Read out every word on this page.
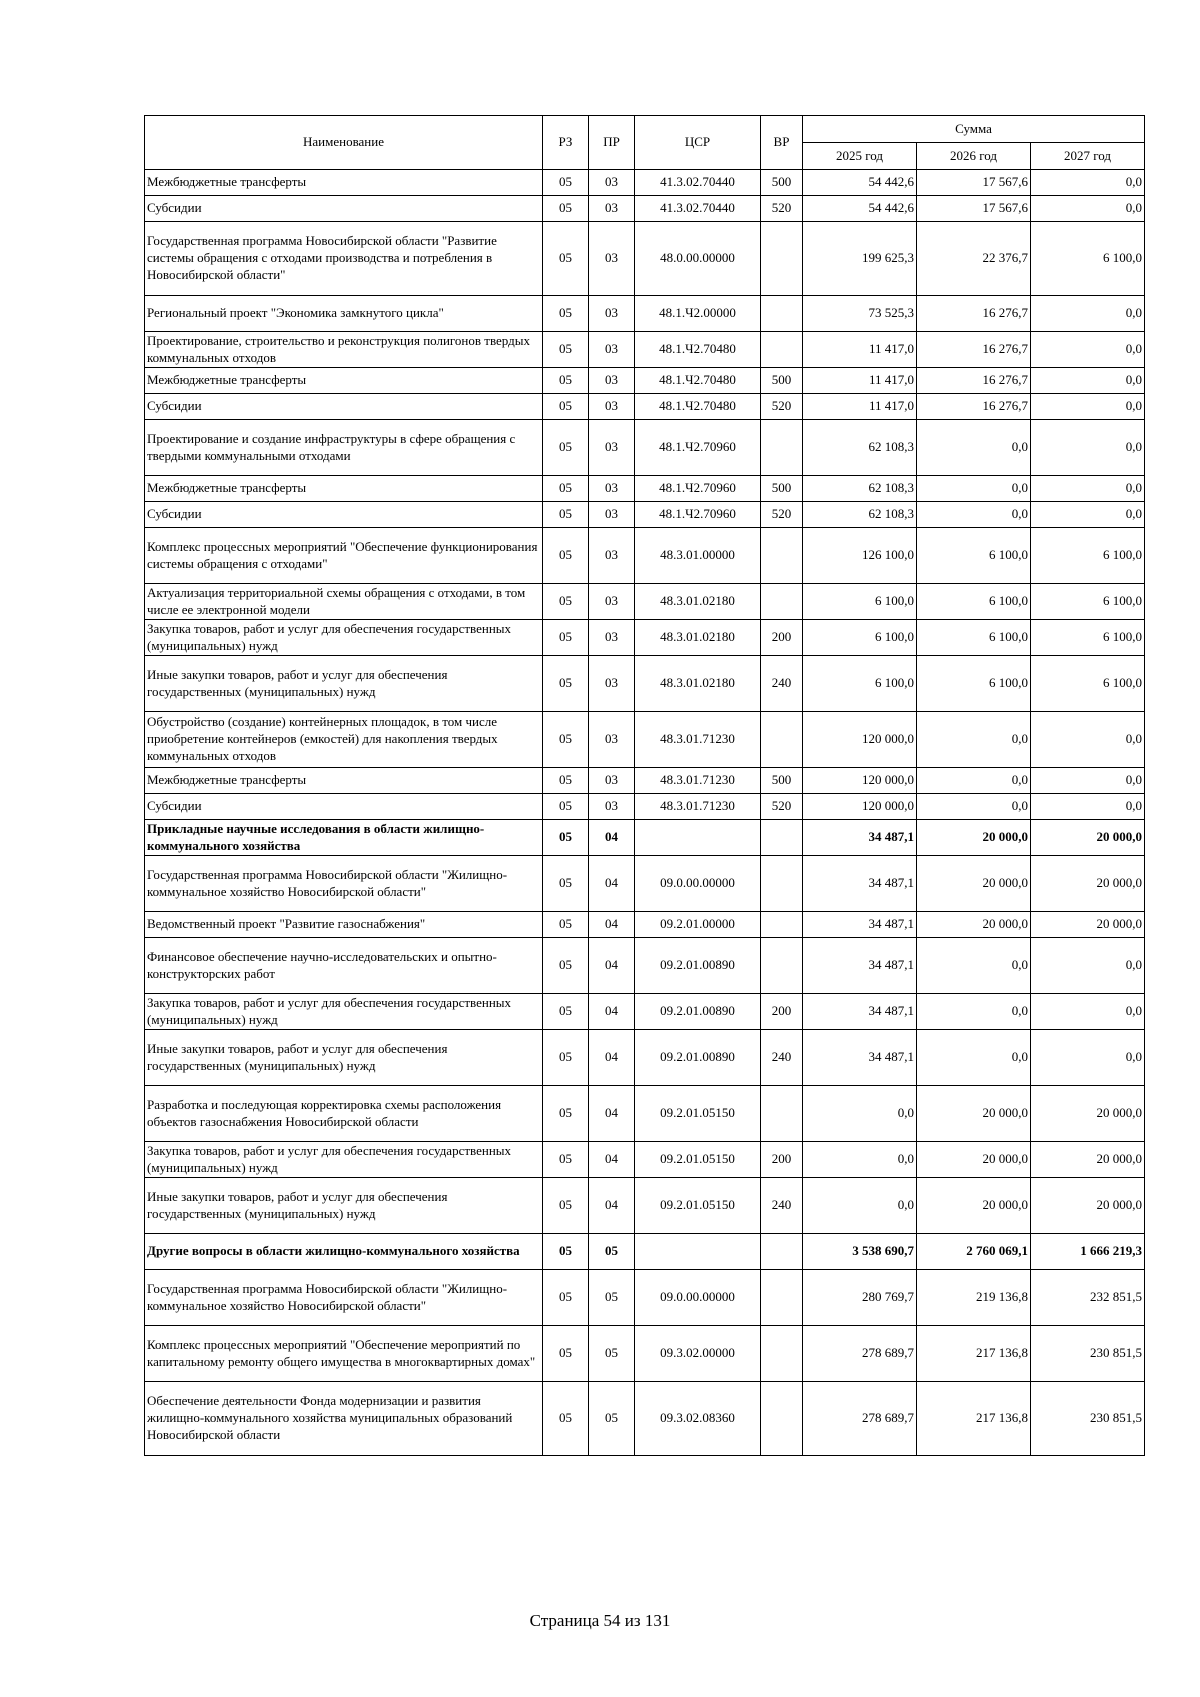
Наименование	РЗ	ПР	ЦСР	ВР	Сумма		
					2025 год	2026 год	2027 год
Межбюджетные трансферты	05	03	41.3.02.70440	500	54 442,6	17 567,6	0,0
Субсидии	05	03	41.3.02.70440	520	54 442,6	17 567,6	0,0
Государственная программа Новосибирской области "Развитие системы обращения с отходами производства и потребления в Новосибирской области"	05	03	48.0.00.00000		199 625,3	22 376,7	6 100,0
Региональный проект "Экономика замкнутого цикла"	05	03	48.1.Ч2.00000		73 525,3	16 276,7	0,0
Проектирование, строительство и реконструкция полигонов твердых коммунальных отходов	05	03	48.1.Ч2.70480		11 417,0	16 276,7	0,0
Межбюджетные трансферты	05	03	48.1.Ч2.70480	500	11 417,0	16 276,7	0,0
Субсидии	05	03	48.1.Ч2.70480	520	11 417,0	16 276,7	0,0
Проектирование и создание инфраструктуры в сфере обращения с твердыми коммунальными отходами	05	03	48.1.Ч2.70960		62 108,3	0,0	0,0
Межбюджетные трансферты	05	03	48.1.Ч2.70960	500	62 108,3	0,0	0,0
Субсидии	05	03	48.1.Ч2.70960	520	62 108,3	0,0	0,0
Комплекс процессных мероприятий "Обеспечение функционирования системы обращения с отходами"	05	03	48.3.01.00000		126 100,0	6 100,0	6 100,0
Актуализация территориальной схемы обращения с отходами, в том числе ее электронной модели	05	03	48.3.01.02180		6 100,0	6 100,0	6 100,0
Закупка товаров, работ и услуг для обеспечения государственных (муниципальных) нужд	05	03	48.3.01.02180	200	6 100,0	6 100,0	6 100,0
Иные закупки товаров, работ и услуг для обеспечения государственных (муниципальных) нужд	05	03	48.3.01.02180	240	6 100,0	6 100,0	6 100,0
Обустройство (создание) контейнерных площадок, в том числе приобретение контейнеров (емкостей) для накопления твердых коммунальных отходов	05	03	48.3.01.71230		120 000,0	0,0	0,0
Межбюджетные трансферты	05	03	48.3.01.71230	500	120 000,0	0,0	0,0
Субсидии	05	03	48.3.01.71230	520	120 000,0	0,0	0,0
Прикладные научные исследования в области жилищно-коммунального хозяйства	05	04			34 487,1	20 000,0	20 000,0
Государственная программа Новосибирской области "Жилищно-коммунальное хозяйство Новосибирской области"	05	04	09.0.00.00000		34 487,1	20 000,0	20 000,0
Ведомственный проект "Развитие газоснабжения"	05	04	09.2.01.00000		34 487,1	20 000,0	20 000,0
Финансовое обеспечение научно-исследовательских и опытно-конструкторских работ	05	04	09.2.01.00890		34 487,1	0,0	0,0
Закупка товаров, работ и услуг для обеспечения государственных (муниципальных) нужд	05	04	09.2.01.00890	200	34 487,1	0,0	0,0
Иные закупки товаров, работ и услуг для обеспечения государственных (муниципальных) нужд	05	04	09.2.01.00890	240	34 487,1	0,0	0,0
Разработка и последующая корректировка схемы расположения объектов газоснабжения Новосибирской области	05	04	09.2.01.05150		0,0	20 000,0	20 000,0
Закупка товаров, работ и услуг для обеспечения государственных (муниципальных) нужд	05	04	09.2.01.05150	200	0,0	20 000,0	20 000,0
Иные закупки товаров, работ и услуг для обеспечения государственных (муниципальных) нужд	05	04	09.2.01.05150	240	0,0	20 000,0	20 000,0
Другие вопросы в области жилищно-коммунального хозяйства	05	05			3 538 690,7	2 760 069,1	1 666 219,3
Государственная программа Новосибирской области "Жилищно-коммунальное хозяйство Новосибирской области"	05	05	09.0.00.00000		280 769,7	219 136,8	232 851,5
Комплекс процессных мероприятий "Обеспечение мероприятий по капитальному ремонту общего имущества в многоквартирных домах"	05	05	09.3.02.00000		278 689,7	217 136,8	230 851,5
Обеспечение деятельности Фонда модернизации и развития жилищно-коммунального хозяйства муниципальных образований Новосибирской области	05	05	09.3.02.08360		278 689,7	217 136,8	230 851,5
Страница 54 из 131
